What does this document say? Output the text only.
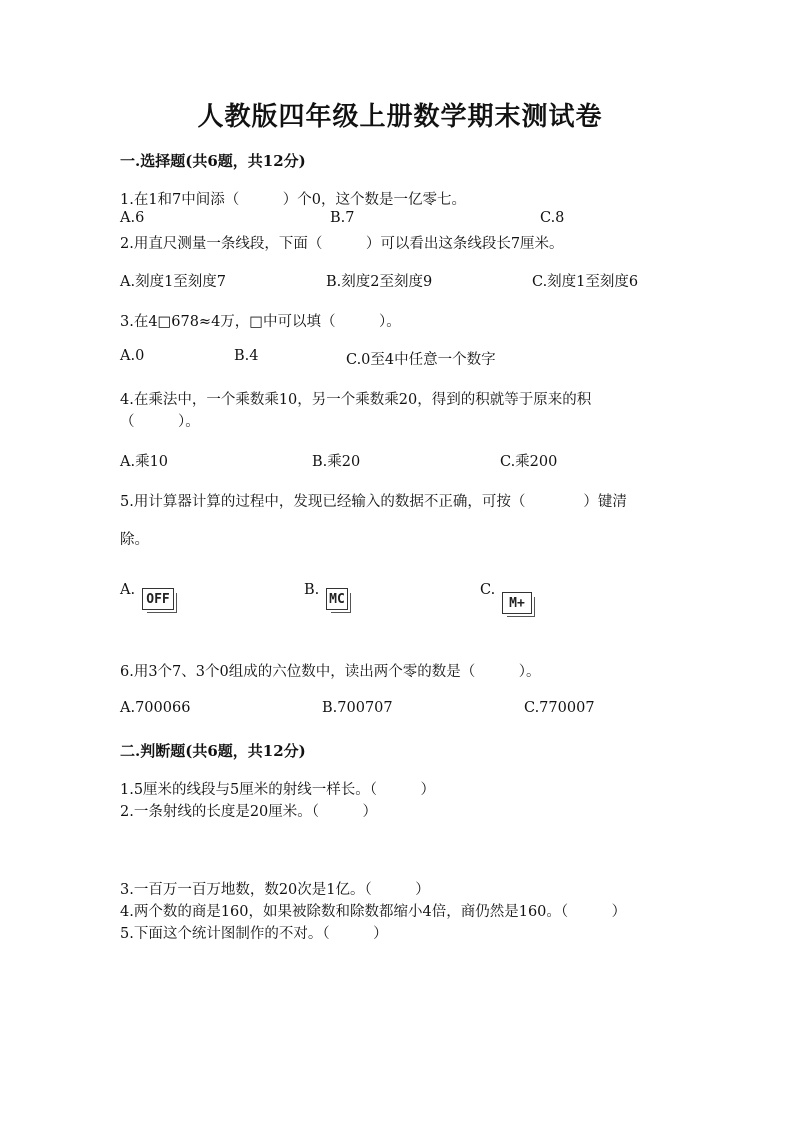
人教版四年级上册数学期末测试卷
一.选择题(共6题，共12分)
1.在1和7中间添（　　　）个0，这个数是一亿零七。
A.6	B.7	C.8
2.用直尺测量一条线段，下面（　　　）可以看出这条线段长7厘米。
A.刻度1至刻度7	B.刻度2至刻度9	C.刻度1至刻度6
3.在4□678≈4万，□中可以填（　　　）。
A.0	B.4	C.0至4中任意一个数字
4.在乘法中，一个乘数乘10，另一个乘数乘20，得到的积就等于原来的积
（　　　）。
A.乘10	B.乘20	C.乘200
5.用计算器计算的过程中，发现已经输入的数据不正确，可按（　　　　）键清
除。
A.
OFF
B.
MC
C.
M+
6.用3个7、3个0组成的六位数中，读出两个零的数是（　　　）。
A.700066	B.700707	C.770007
二.判断题(共6题，共12分)
1.5厘米的线段与5厘米的射线一样长。（　　　）
2.一条射线的长度是20厘米。（　　　）
3.一百万一百万地数，数20次是1亿。（　　　）
4.两个数的商是160，如果被除数和除数都缩小4倍，商仍然是160。（　　　）
5.下面这个统计图制作的不对。（　　　）
